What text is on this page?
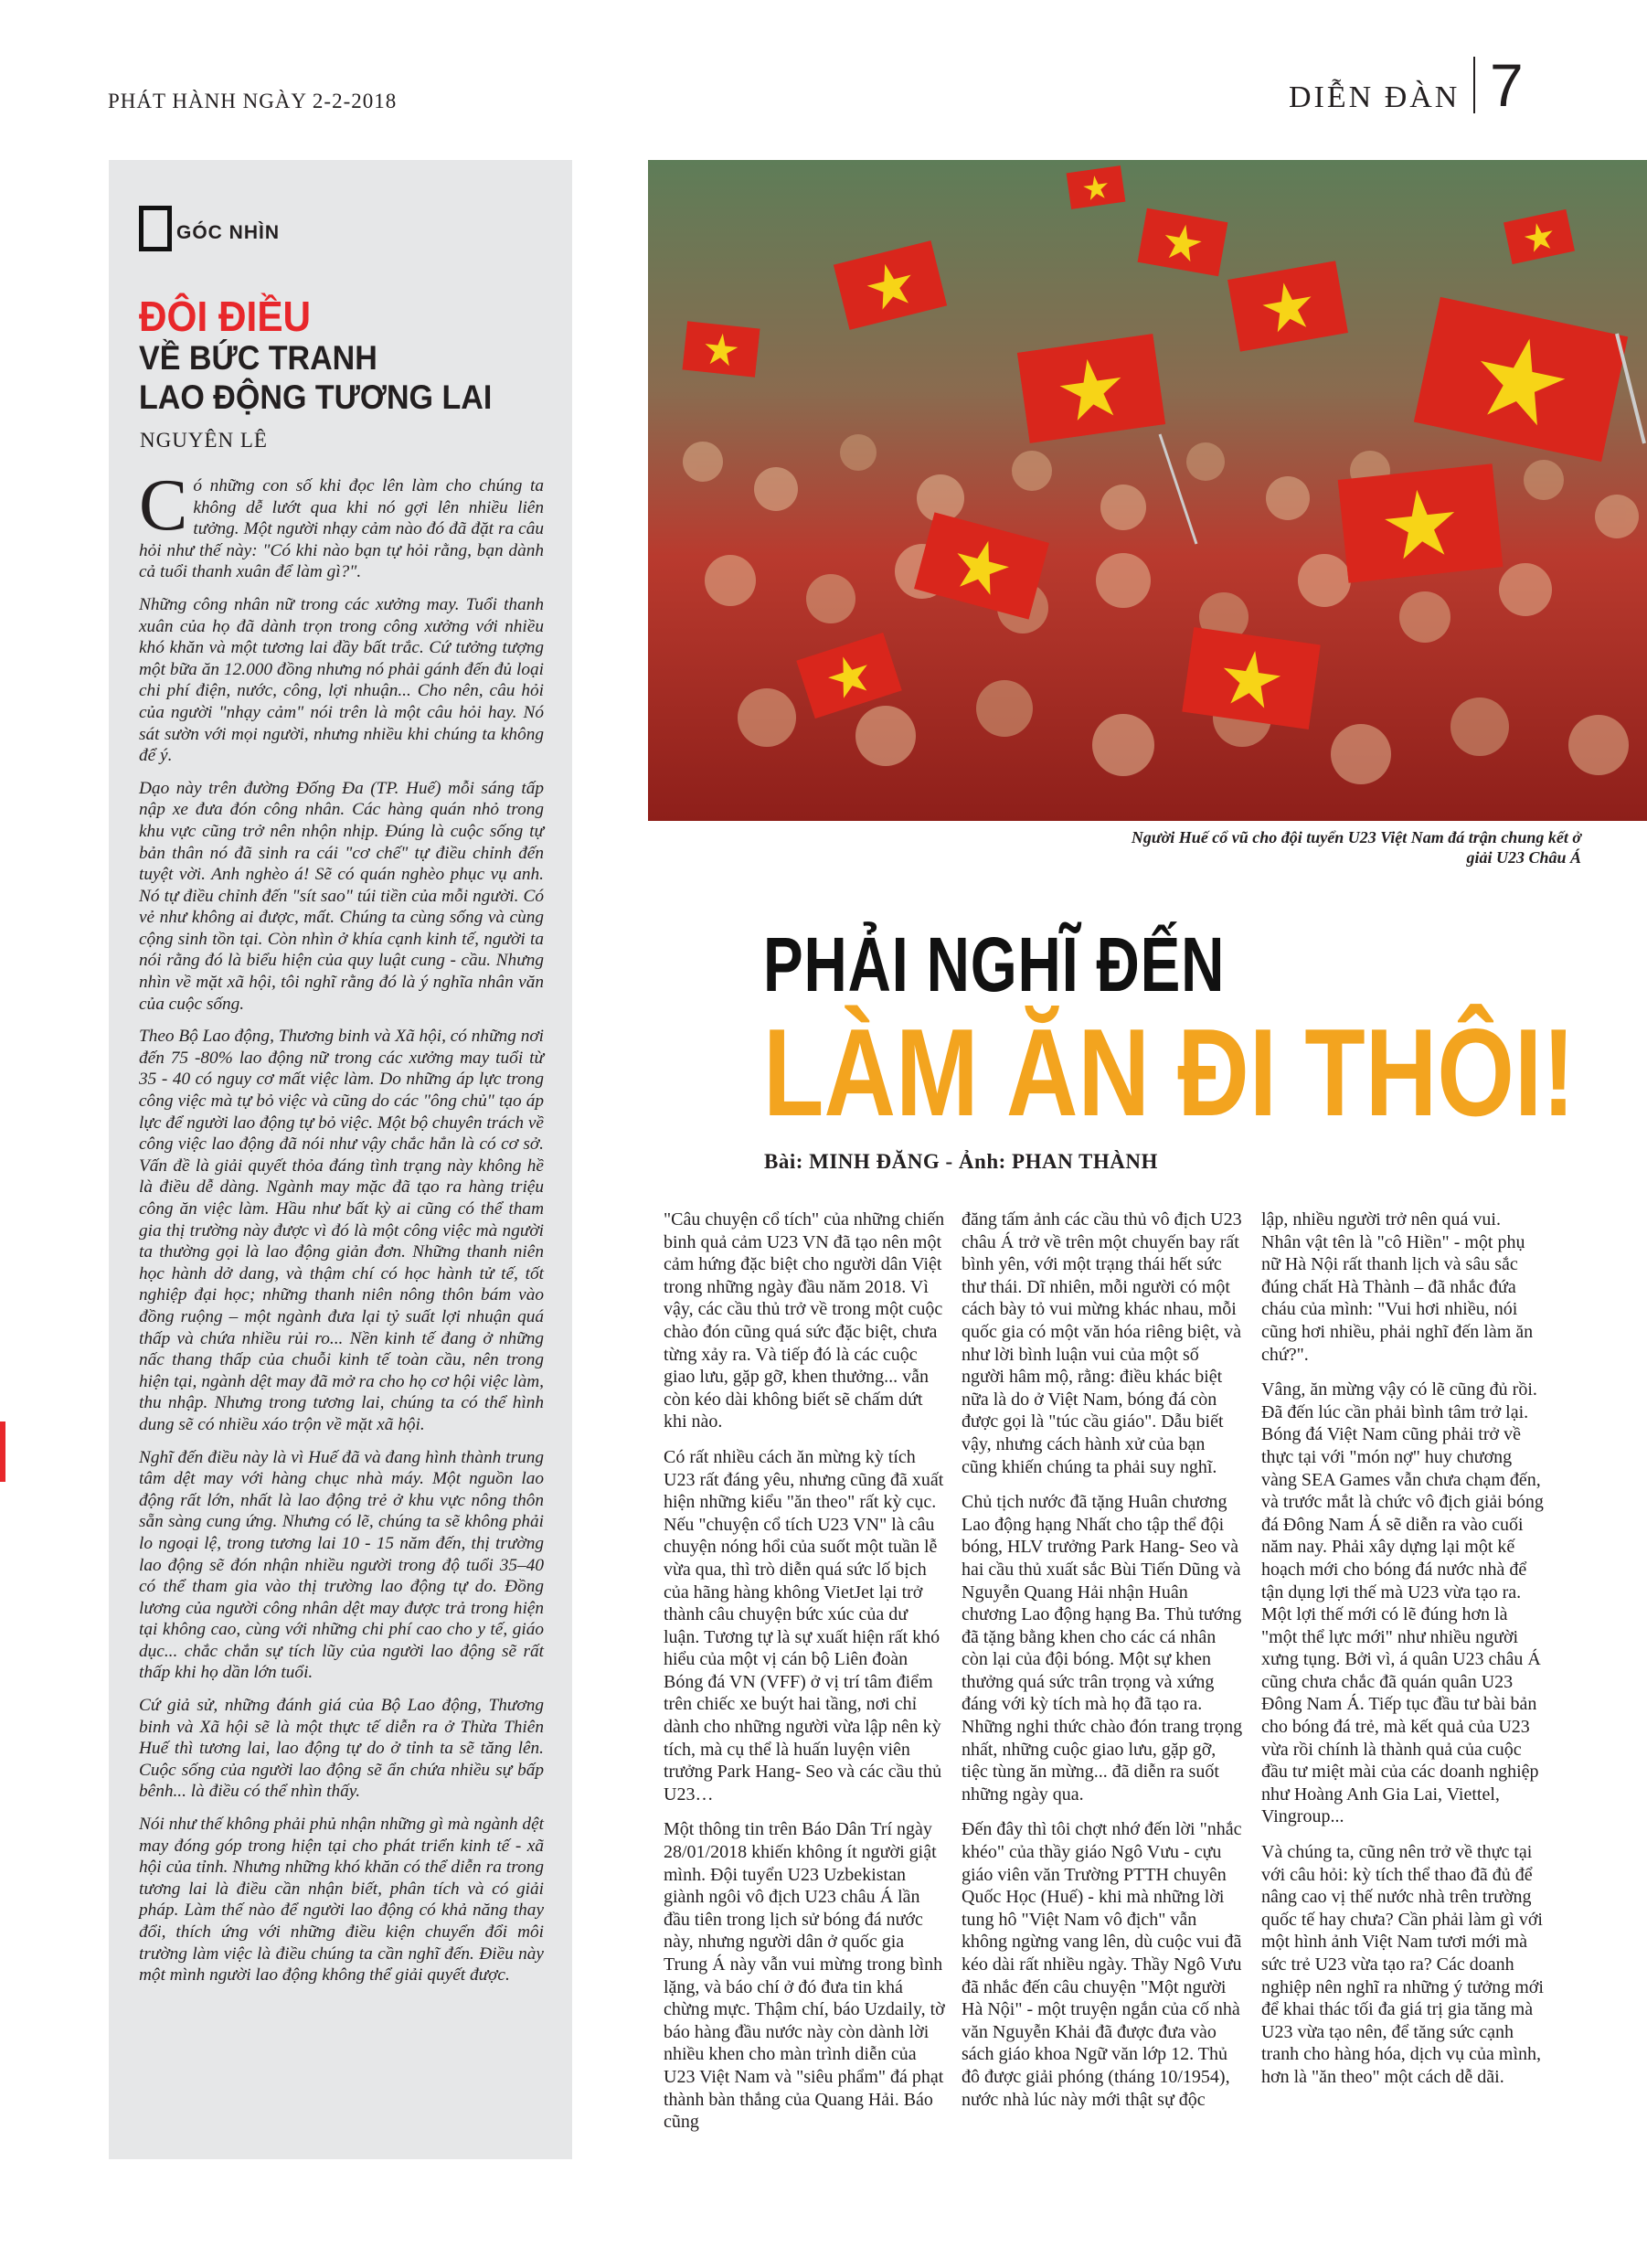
PHÁT HÀNH NGÀY 2-2-2018	DIỄN ĐÀN 7
GÓC NHÌN
ĐÔI ĐIỀU
VỀ BỨC TRANH
LAO ĐỘNG TƯƠNG LAI
NGUYÊN LÊ

Có những con số khi đọc lên làm cho chúng ta không dễ lướt qua khi nó gợi lên nhiều liên tưởng. Một người nhạy cảm nào đó đã đặt ra câu hỏi như thế này: "Có khi nào bạn tự hỏi rằng, bạn dành cả tuổi thanh xuân để làm gì?".

Những công nhân nữ trong các xưởng may. Tuổi thanh xuân của họ đã dành trọn trong công xưởng với nhiều khó khăn và một tương lai đầy bất trắc. Cứ tưởng tượng một bữa ăn 12.000 đồng nhưng nó phải gánh đến đủ loại chi phí điện, nước, công, lợi nhuận... Cho nên, câu hỏi của người "nhạy cảm" nói trên là một câu hỏi hay. Nó sát sườn với mọi người, nhưng nhiều khi chúng ta không để ý.

Dạo này trên đường Đống Đa (TP. Huế) mỗi sáng tấp nập xe đưa đón công nhân. Các hàng quán nhỏ trong khu vực cũng trở nên nhộn nhịp. Đúng là cuộc sống tự bản thân nó đã sinh ra cái "cơ chế" tự điều chỉnh đến tuyệt vời. Anh nghèo á! Sẽ có quán nghèo phục vụ anh. Nó tự điều chỉnh đến "sít sao" túi tiền của mỗi người. Có vẻ như không ai được, mất. Chúng ta cùng sống và cùng cộng sinh tồn tại. Còn nhìn ở khía cạnh kinh tế, người ta nói rằng đó là biểu hiện của quy luật cung - cầu. Nhưng nhìn về mặt xã hội, tôi nghĩ rằng đó là ý nghĩa nhân văn của cuộc sống.

Theo Bộ Lao động, Thương binh và Xã hội, có những nơi đến 75 -80% lao động nữ trong các xưởng may tuổi từ 35 - 40 có nguy cơ mất việc làm. Do những áp lực trong công việc mà tự bỏ việc và cũng do các "ông chủ" tạo áp lực để người lao động tự bỏ việc. Một bộ chuyên trách về công việc lao động đã nói như vậy chắc hẳn là có cơ sở. Vấn đề là giải quyết thỏa đáng tình trạng này không hề là điều dễ dàng. Ngành may mặc đã tạo ra hàng triệu công ăn việc làm. Hầu như bất kỳ ai cũng có thể tham gia thị trường này được vì đó là một công việc mà người ta thường gọi là lao động giản đơn. Những thanh niên học hành dở dang, và thậm chí có học hành tử tế, tốt nghiệp đại học; những thanh niên nông thôn bám vào đồng ruộng – một ngành đưa lại tỷ suất lợi nhuận quá thấp và chứa nhiều rủi ro... Nền kinh tế đang ở những nấc thang thấp của chuỗi kinh tế toàn cầu, nên trong hiện tại, ngành dệt may đã mở ra cho họ cơ hội việc làm, thu nhập. Nhưng trong tương lai, chúng ta có thể hình dung sẽ có nhiều xáo trộn về mặt xã hội.

Nghĩ đến điều này là vì Huế đã và đang hình thành trung tâm dệt may với hàng chục nhà máy. Một nguồn lao động rất lớn, nhất là lao động trẻ ở khu vực nông thôn sẵn sàng cung ứng. Nhưng có lẽ, chúng ta sẽ không phải lo ngoại lệ, trong tương lai 10 - 15 năm đến, thị trường lao động sẽ đón nhận nhiều người trong độ tuổi 35–40 có thể tham gia vào thị trường lao động tự do. Đồng lương của người công nhân dệt may được trả trong hiện tại không cao, cùng với những chi phí cao cho y tế, giáo dục... chắc chắn sự tích lũy của người lao động sẽ rất thấp khi họ dần lớn tuổi.

Cứ giả sử, những đánh giá của Bộ Lao động, Thương binh và Xã hội sẽ là một thực tế diễn ra ở Thừa Thiên Huế thì tương lai, lao động tự do ở tỉnh ta sẽ tăng lên. Cuộc sống của người lao động sẽ ẩn chứa nhiều sự bấp bênh... là điều có thể nhìn thấy.

Nói như thế không phải phủ nhận những gì mà ngành dệt may đóng góp trong hiện tại cho phát triển kinh tế - xã hội của tỉnh. Nhưng những khó khăn có thể diễn ra trong tương lai là điều cần nhận biết, phân tích và có giải pháp. Làm thế nào để người lao động có khả năng thay đổi, thích ứng với những điều kiện chuyển đổi môi trường làm việc là điều chúng ta cần nghĩ đến. Điều này một mình người lao động không thể giải quyết được.

Người Huế cổ vũ cho đội tuyển U23 Việt Nam đá trận chung kết ở
giải U23 Châu Á
PHẢI NGHĨ ĐẾN
LÀM ĂN ĐI THÔI!
Bài: MINH ĐĂNG - Ảnh: PHAN THÀNH

"Câu chuyện cổ tích" của những chiến binh quả cảm U23 VN đã tạo nên một cảm hứng đặc biệt cho người dân Việt trong những ngày đầu năm 2018. Vì vậy, các cầu thủ trở về trong một cuộc chào đón cũng quá sức đặc biệt, chưa từng xảy ra. Và tiếp đó là các cuộc giao lưu, gặp gỡ, khen thưởng... vẫn còn kéo dài không biết sẽ chấm dứt khi nào.

Có rất nhiều cách ăn mừng kỳ tích U23 rất đáng yêu, nhưng cũng đã xuất hiện những kiểu "ăn theo" rất kỳ cục. Nếu "chuyện cổ tích U23 VN" là câu chuyện nóng hổi của suốt một tuần lễ vừa qua, thì trò diễn quá sức lố bịch của hãng hàng không VietJet lại trở thành câu chuyện bức xúc của dư luận. Tương tự là sự xuất hiện rất khó hiểu của một vị cán bộ Liên đoàn Bóng đá VN (VFF) ở vị trí tâm điểm trên chiếc xe buýt hai tầng, nơi chỉ dành cho những người vừa lập nên kỳ tích, mà cụ thể là huấn luyện viên trưởng Park Hang- Seo và các cầu thủ U23…

Một thông tin trên Báo Dân Trí ngày 28/01/2018 khiến không ít người giật mình. Đội tuyển U23 Uzbekistan giành ngôi vô địch U23 châu Á lần đầu tiên trong lịch sử bóng đá nước này, nhưng người dân ở quốc gia Trung Á này vẫn vui mừng trong bình lặng, và báo chí ở đó đưa tin khá chừng mực. Thậm chí, báo Uzdaily, tờ báo hàng đầu nước này còn dành lời nhiều khen cho màn trình diễn của U23 Việt Nam và "siêu phẩm" đá phạt thành bàn thắng của Quang Hải. Báo cũng

đăng tấm ảnh các cầu thủ vô địch U23 châu Á trở về trên một chuyến bay rất bình yên, với một trạng thái hết sức thư thái. Dĩ nhiên, mỗi người có một cách bày tỏ vui mừng khác nhau, mỗi quốc gia có một văn hóa riêng biệt, và như lời bình luận vui của một số người hâm mộ, rằng: điều khác biệt nữa là do ở Việt Nam, bóng đá còn được gọi là "túc cầu giáo". Dẫu biết vậy, nhưng cách hành xử của bạn cũng khiến chúng ta phải suy nghĩ.

Chủ tịch nước đã tặng Huân chương Lao động hạng Nhất cho tập thể đội bóng, HLV trưởng Park Hang- Seo và hai cầu thủ xuất sắc Bùi Tiến Dũng và Nguyễn Quang Hải nhận Huân chương Lao động hạng Ba. Thủ tướng đã tặng bằng khen cho các cá nhân còn lại của đội bóng. Một sự khen thưởng quá sức trân trọng và xứng đáng với kỳ tích mà họ đã tạo ra. Những nghi thức chào đón trang trọng nhất, những cuộc giao lưu, gặp gỡ, tiệc tùng ăn mừng... đã diễn ra suốt những ngày qua.

Đến đây thì tôi chợt nhớ đến lời "nhắc khéo" của thầy giáo Ngô Vưu - cựu giáo viên văn Trường PTTH chuyên Quốc Học (Huế) - khi mà những lời tung hô "Việt Nam vô địch" vẫn không ngừng vang lên, dù cuộc vui đã kéo dài rất nhiều ngày. Thầy Ngô Vưu đã nhắc đến câu chuyện "Một người Hà Nội" - một truyện ngắn của cố nhà văn Nguyễn Khải đã được đưa vào sách giáo khoa Ngữ văn lớp 12. Thủ đô được giải phóng (tháng 10/1954), nước nhà lúc này mới thật sự độc

lập, nhiều người trở nên quá vui. Nhân vật tên là "cô Hiền" - một phụ nữ Hà Nội rất thanh lịch và sâu sắc đúng chất Hà Thành – đã nhắc đứa cháu của mình: "Vui hơi nhiều, nói cũng hơi nhiều, phải nghĩ đến làm ăn chứ?".

Vâng, ăn mừng vậy có lẽ cũng đủ rồi. Đã đến lúc cần phải bình tâm trở lại. Bóng đá Việt Nam cũng phải trở về thực tại với "món nợ" huy chương vàng SEA Games vẫn chưa chạm đến, và trước mắt là chức vô địch giải bóng đá Đông Nam Á sẽ diễn ra vào cuối năm nay. Phải xây dựng lại một kế hoạch mới cho bóng đá nước nhà để tận dụng lợi thế mà U23 vừa tạo ra. Một lợi thế mới có lẽ đúng hơn là "một thể lực mới" như nhiều người xưng tụng. Bởi vì, á quân U23 châu Á cũng chưa chắc đã quán quân U23 Đông Nam Á. Tiếp tục đầu tư bài bản cho bóng đá trẻ, mà kết quả của U23 vừa rồi chính là thành quả của cuộc đầu tư miệt mài của các doanh nghiệp như Hoàng Anh Gia Lai, Viettel, Vingroup...

Và chúng ta, cũng nên trở về thực tại với câu hỏi: kỳ tích thể thao đã đủ để nâng cao vị thế nước nhà trên trường quốc tế hay chưa? Cần phải làm gì với một hình ảnh Việt Nam tươi mới mà sức trẻ U23 vừa tạo ra? Các doanh nghiệp nên nghĩ ra những ý tưởng mới để khai thác tối đa giá trị gia tăng mà U23 vừa tạo nên, để tăng sức cạnh tranh cho hàng hóa, dịch vụ của mình, hơn là "ăn theo" một cách dễ dãi.
